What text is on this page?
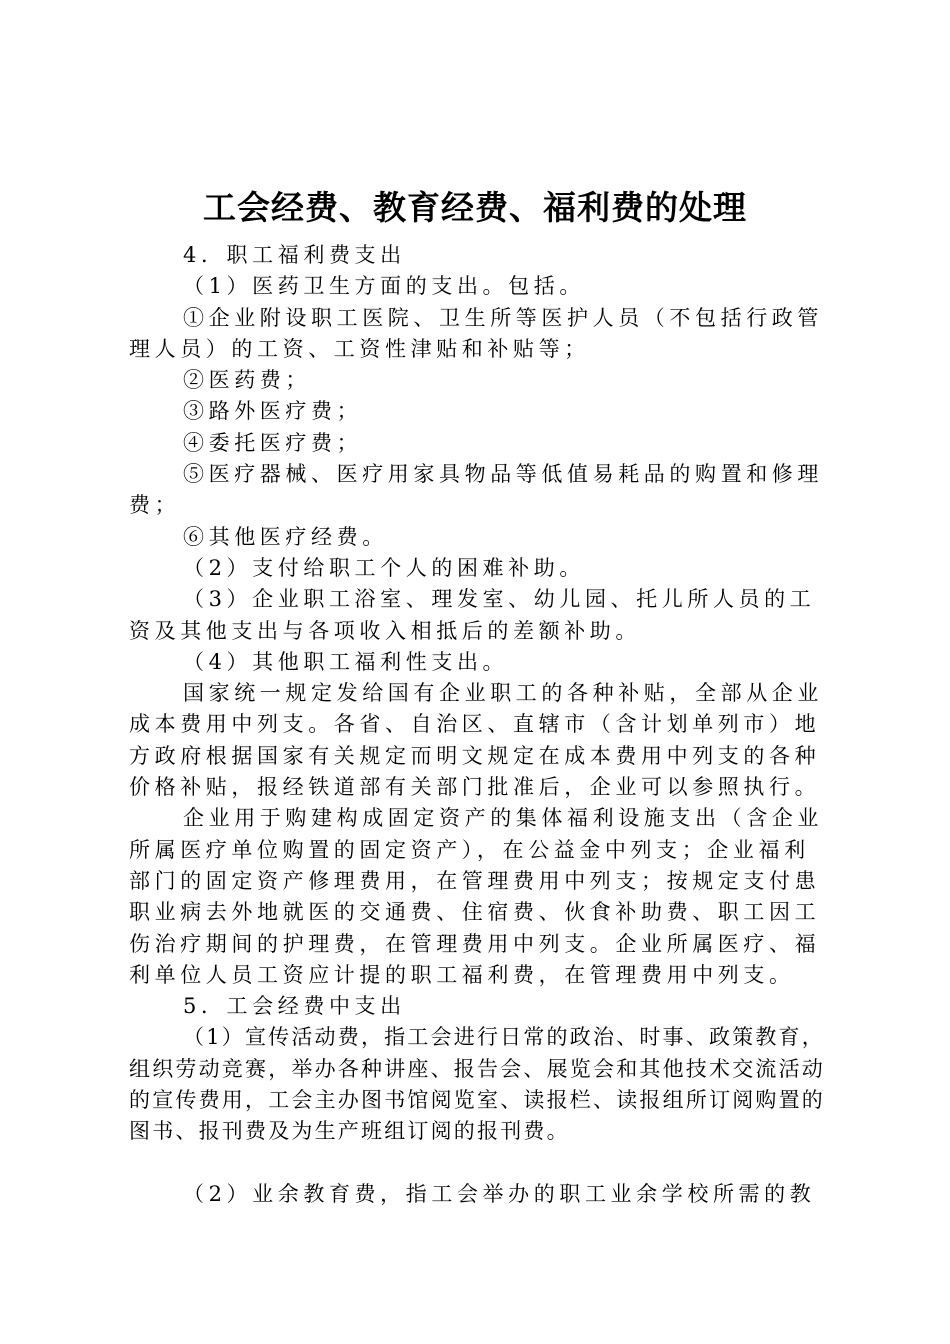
工会经费、教育经费、福利费的处理

4．职工福利费支出

（1）医药卫生方面的支出。包括。

①企业附设职工医院、卫生所等医护人员（不包括行政管理人员）的工资、工资性津贴和补贴等；

②医药费；

③路外医疗费；

④委托医疗费；

⑤医疗器械、医疗用家具物品等低值易耗品的购置和修理费；

⑥其他医疗经费。

（2）支付给职工个人的困难补助。

（3）企业职工浴室、理发室、幼儿园、托儿所人员的工资及其他支出与各项收入相抵后的差额补助。

（4）其他职工福利性支出。

国家统一规定发给国有企业职工的各种补贴，全部从企业成本费用中列支。各省、自治区、直辖市（含计划单列市）地方政府根据国家有关规定而明文规定在成本费用中列支的各种价格补贴，报经铁道部有关部门批准后，企业可以参照执行。

企业用于购建构成固定资产的集体福利设施支出（含企业所属医疗单位购置的固定资产），在公益金中列支；企业福利部门的固定资产修理费用，在管理费用中列支；按规定支付患职业病去外地就医的交通费、住宿费、伙食补助费、职工因工伤治疗期间的护理费，在管理费用中列支。企业所属医疗、福利单位人员工资应计提的职工福利费，在管理费用中列支。

5．工会经费中支出

（1）宣传活动费，指工会进行日常的政治、时事、政策教育，组织劳动竞赛，举办各种讲座、报告会、展览会和其他技术交流活动的宣传费用，工会主办图书馆阅览室、读报栏、读报组所订阅购置的图书、报刊费及为生产班组订阅的报刊费。

（2）业余教育费，指工会举办的职工业余学校所需的教
